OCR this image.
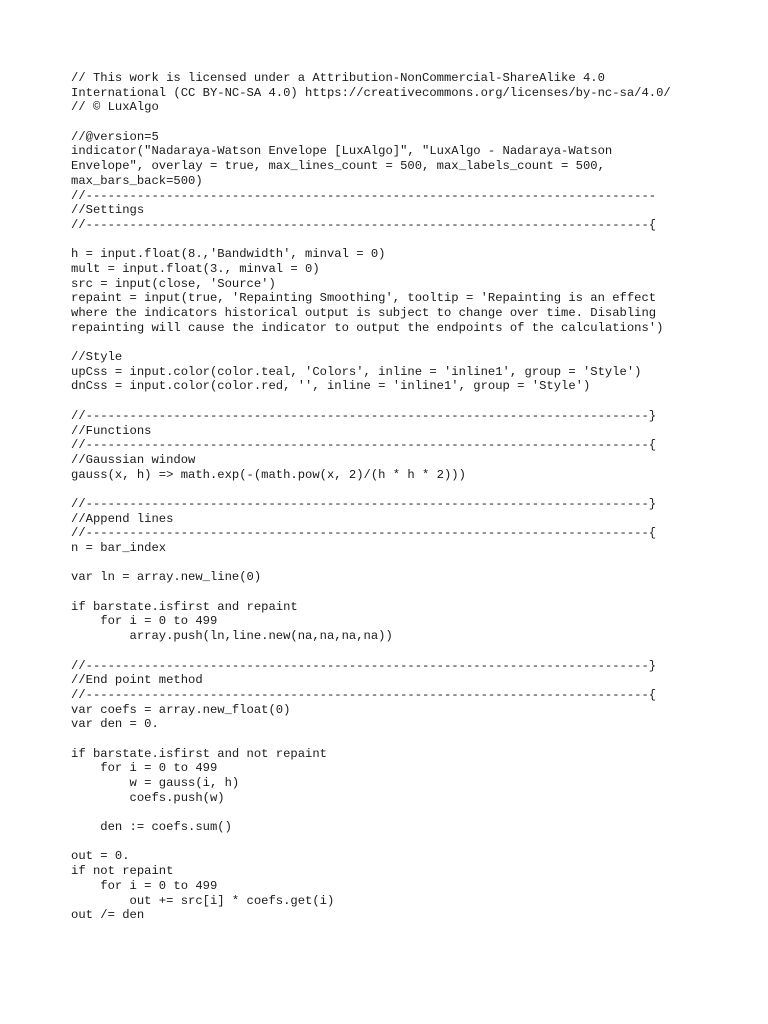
// This work is licensed under a Attribution-NonCommercial-ShareAlike 4.0
International (CC BY-NC-SA 4.0) https://creativecommons.org/licenses/by-nc-sa/4.0/
// © LuxAlgo
//@version=5
indicator("Nadaraya-Watson Envelope [LuxAlgo]", "LuxAlgo - Nadaraya-Watson
Envelope", overlay = true, max_lines_count = 500, max_labels_count = 500,
max_bars_back=500)
//------------------------------------------------------------------------------
//Settings
//-----------------------------------------------------------------------------{
h = input.float(8.,'Bandwidth', minval = 0)
mult = input.float(3., minval = 0)
src = input(close, 'Source')
repaint = input(true, 'Repainting Smoothing', tooltip = 'Repainting is an effect
where the indicators historical output is subject to change over time. Disabling
repainting will cause the indicator to output the endpoints of the calculations')
//Style
upCss = input.color(color.teal, 'Colors', inline = 'inline1', group = 'Style')
dnCss = input.color(color.red, '', inline = 'inline1', group = 'Style')
//-----------------------------------------------------------------------------}
//Functions
//-----------------------------------------------------------------------------{
//Gaussian window
gauss(x, h) => math.exp(-(math.pow(x, 2)/(h * h * 2)))
//-----------------------------------------------------------------------------}
//Append lines
//-----------------------------------------------------------------------------{
n = bar_index
var ln = array.new_line(0)
if barstate.isfirst and repaint
for i = 0 to 499
array.push(ln,line.new(na,na,na,na))
//-----------------------------------------------------------------------------}
//End point method
//-----------------------------------------------------------------------------{
var coefs = array.new_float(0)
var den = 0.
if barstate.isfirst and not repaint
for i = 0 to 499
w = gauss(i, h)
coefs.push(w)
den := coefs.sum()
out = 0.
if not repaint
for i = 0 to 499
out += src[i] * coefs.get(i)
out /= den
